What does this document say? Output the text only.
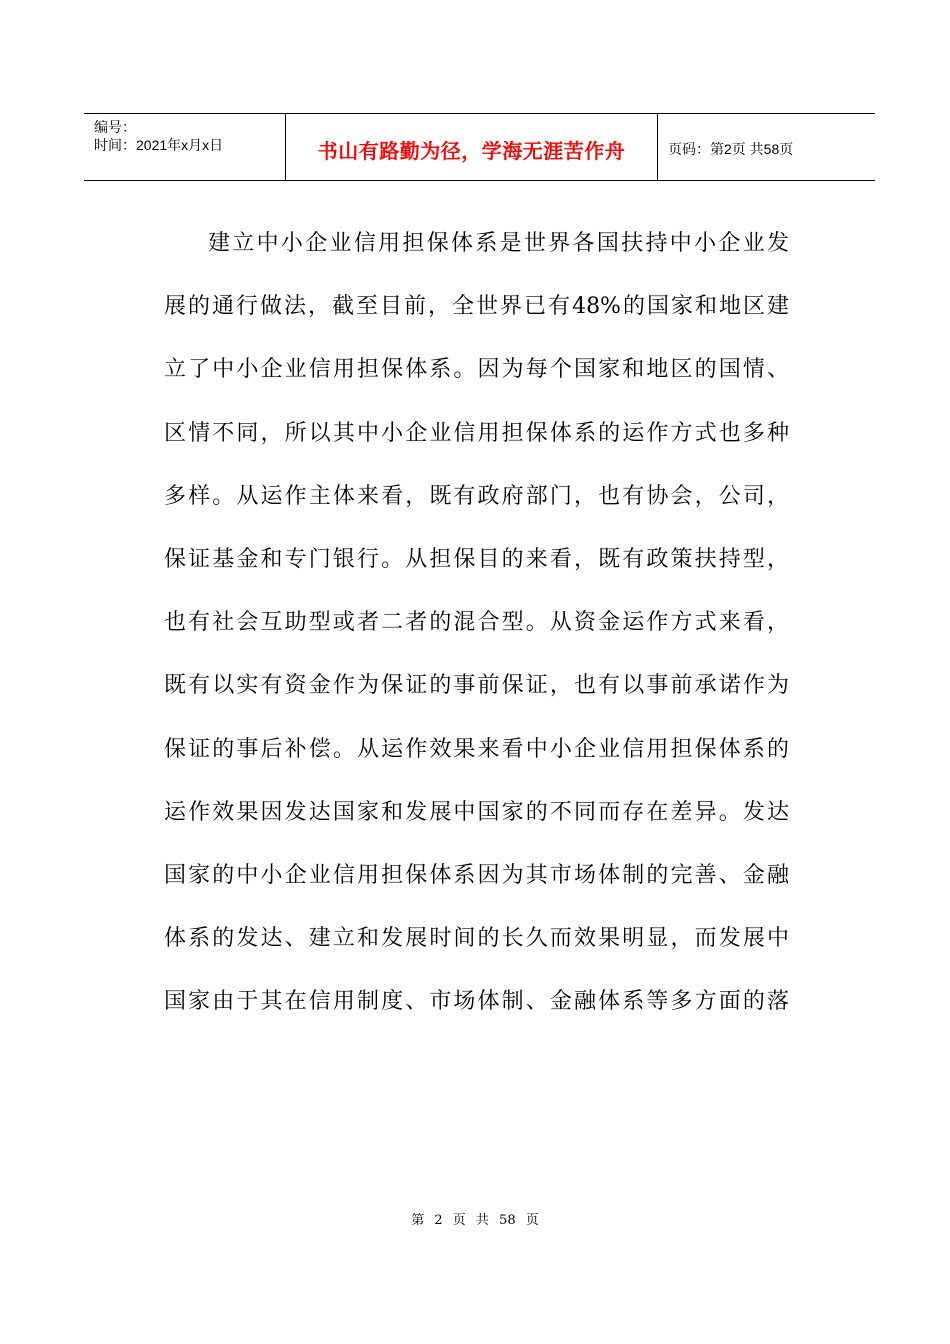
编号：
时间：2021年x月x日	书山有路勤为径，学海无涯苦作舟	页码：第2页 共58页
建立中小企业信用担保体系是世界各国扶持中小企业发
展的通行做法，截至目前，全世界已有48%的国家和地区建
立了中小企业信用担保体系。因为每个国家和地区的国情、
区情不同，所以其中小企业信用担保体系的运作方式也多种
多样。从运作主体来看，既有政府部门，也有协会，公司，
保证基金和专门银行。从担保目的来看，既有政策扶持型，
也有社会互助型或者二者的混合型。从资金运作方式来看，
既有以实有资金作为保证的事前保证，也有以事前承诺作为
保证的事后补偿。从运作效果来看中小企业信用担保体系的
运作效果因发达国家和发展中国家的不同而存在差异。发达
国家的中小企业信用担保体系因为其市场体制的完善、金融
体系的发达、建立和发展时间的长久而效果明显，而发展中
国家由于其在信用制度、市场体制、金融体系等多方面的落
第 2 页 共 58 页
